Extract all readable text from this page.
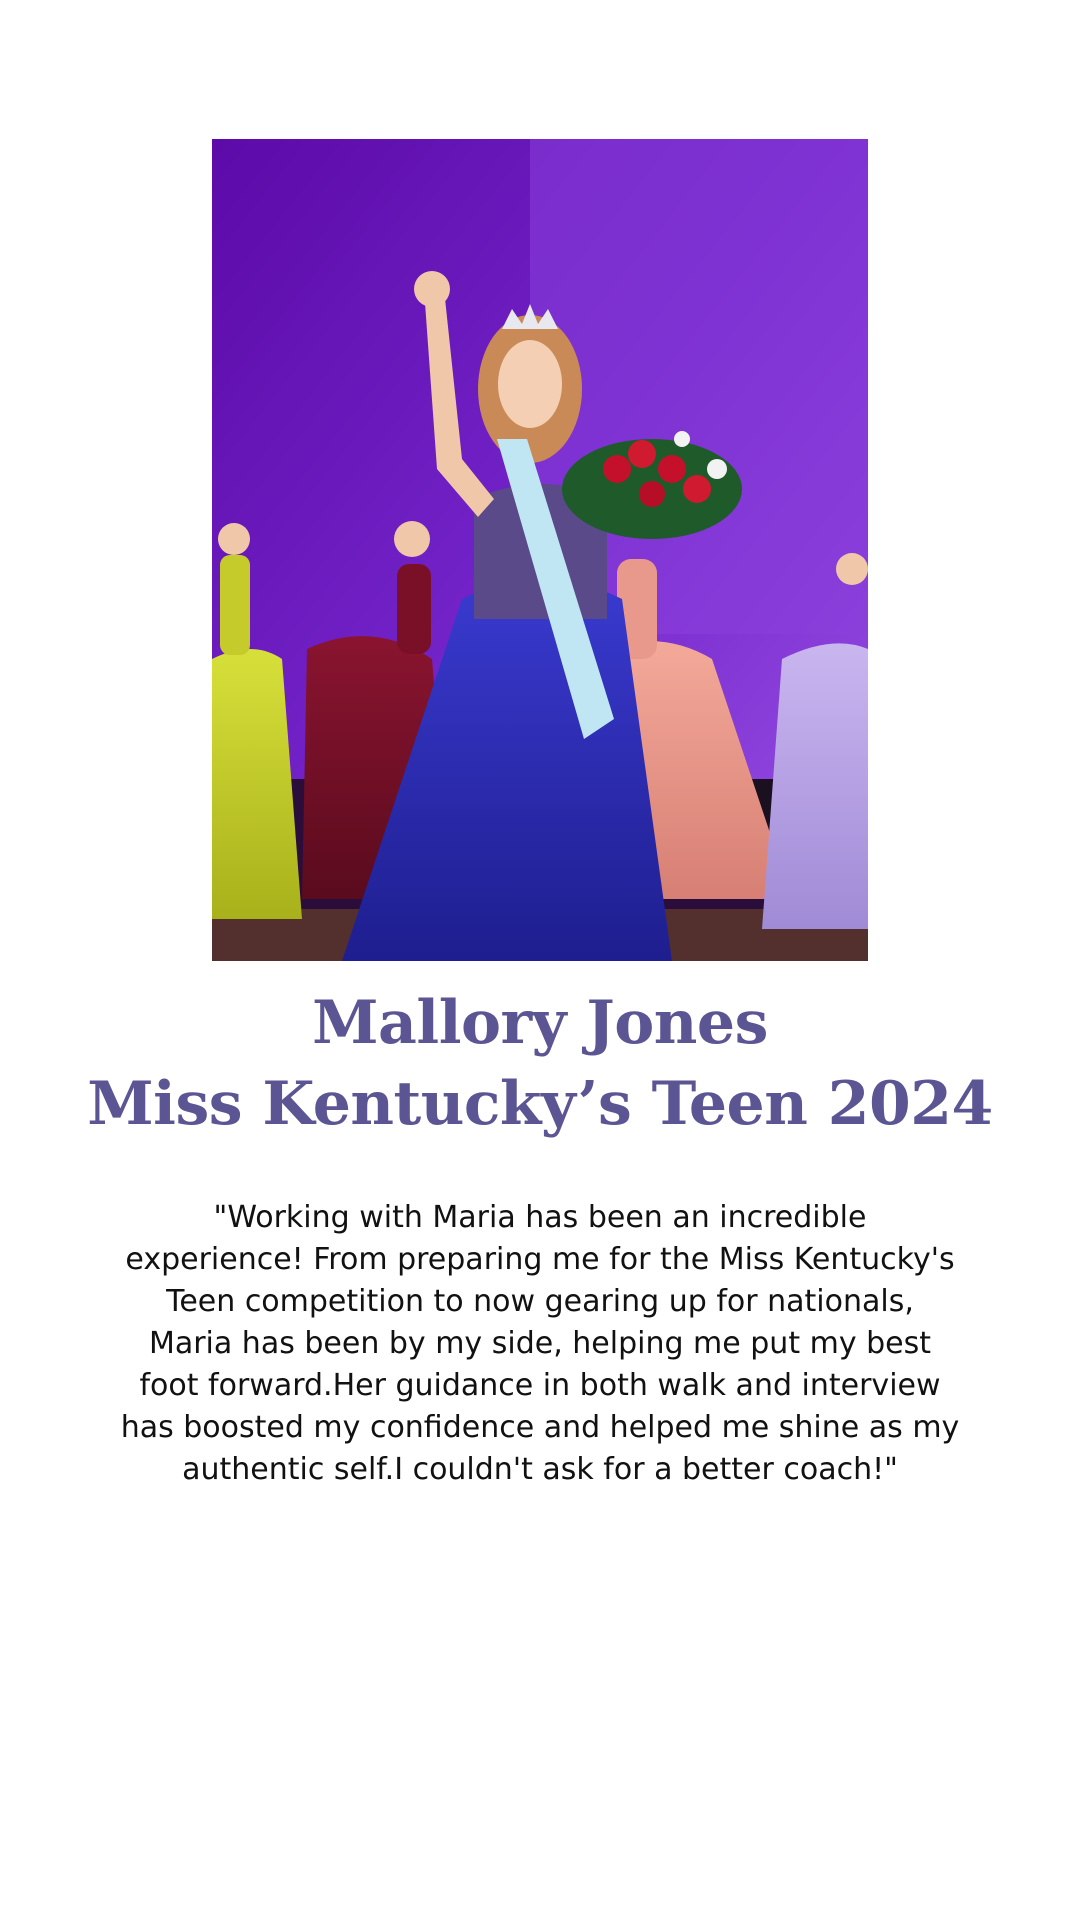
Mallory Jones
Miss Kentucky’s Teen 2024
"Working with Maria has been an incredible experience! From preparing me for the Miss Kentucky's Teen competition to now gearing up for nationals, Maria has been by my side, helping me put my best foot forward.Her guidance in both walk and interview has boosted my confidence and helped me shine as my authentic self.I couldn't ask for a better coach!"
